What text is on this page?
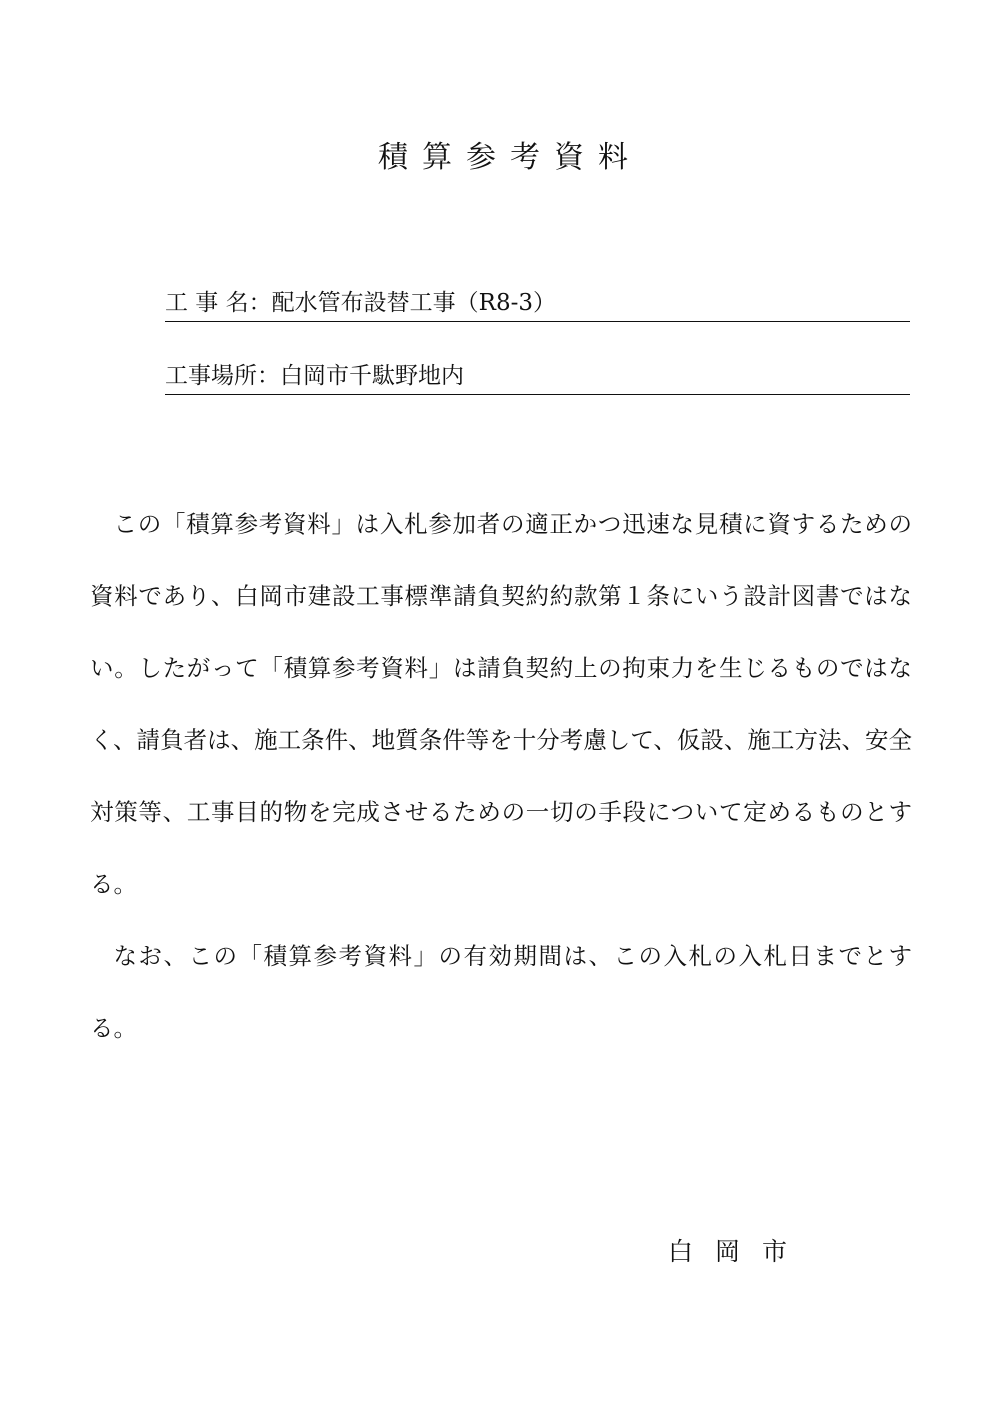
積算参考資料
工 事 名：配水管布設替工事（R8-3）
工事場所：白岡市千駄野地内

この「積算参考資料」は入札参加者の適正かつ迅速な見積に資するための資料であり、白岡市建設工事標準請負契約約款第１条にいう設計図書ではない。したがって「積算参考資料」は請負契約上の拘束力を生じるものではなく、請負者は、施工条件、地質条件等を十分考慮して、仮設、施工方法、安全対策等、工事目的物を完成させるための一切の手段について定めるものとする。

なお、この「積算参考資料」の有効期間は、この入札の入札日までとする。

白岡市
